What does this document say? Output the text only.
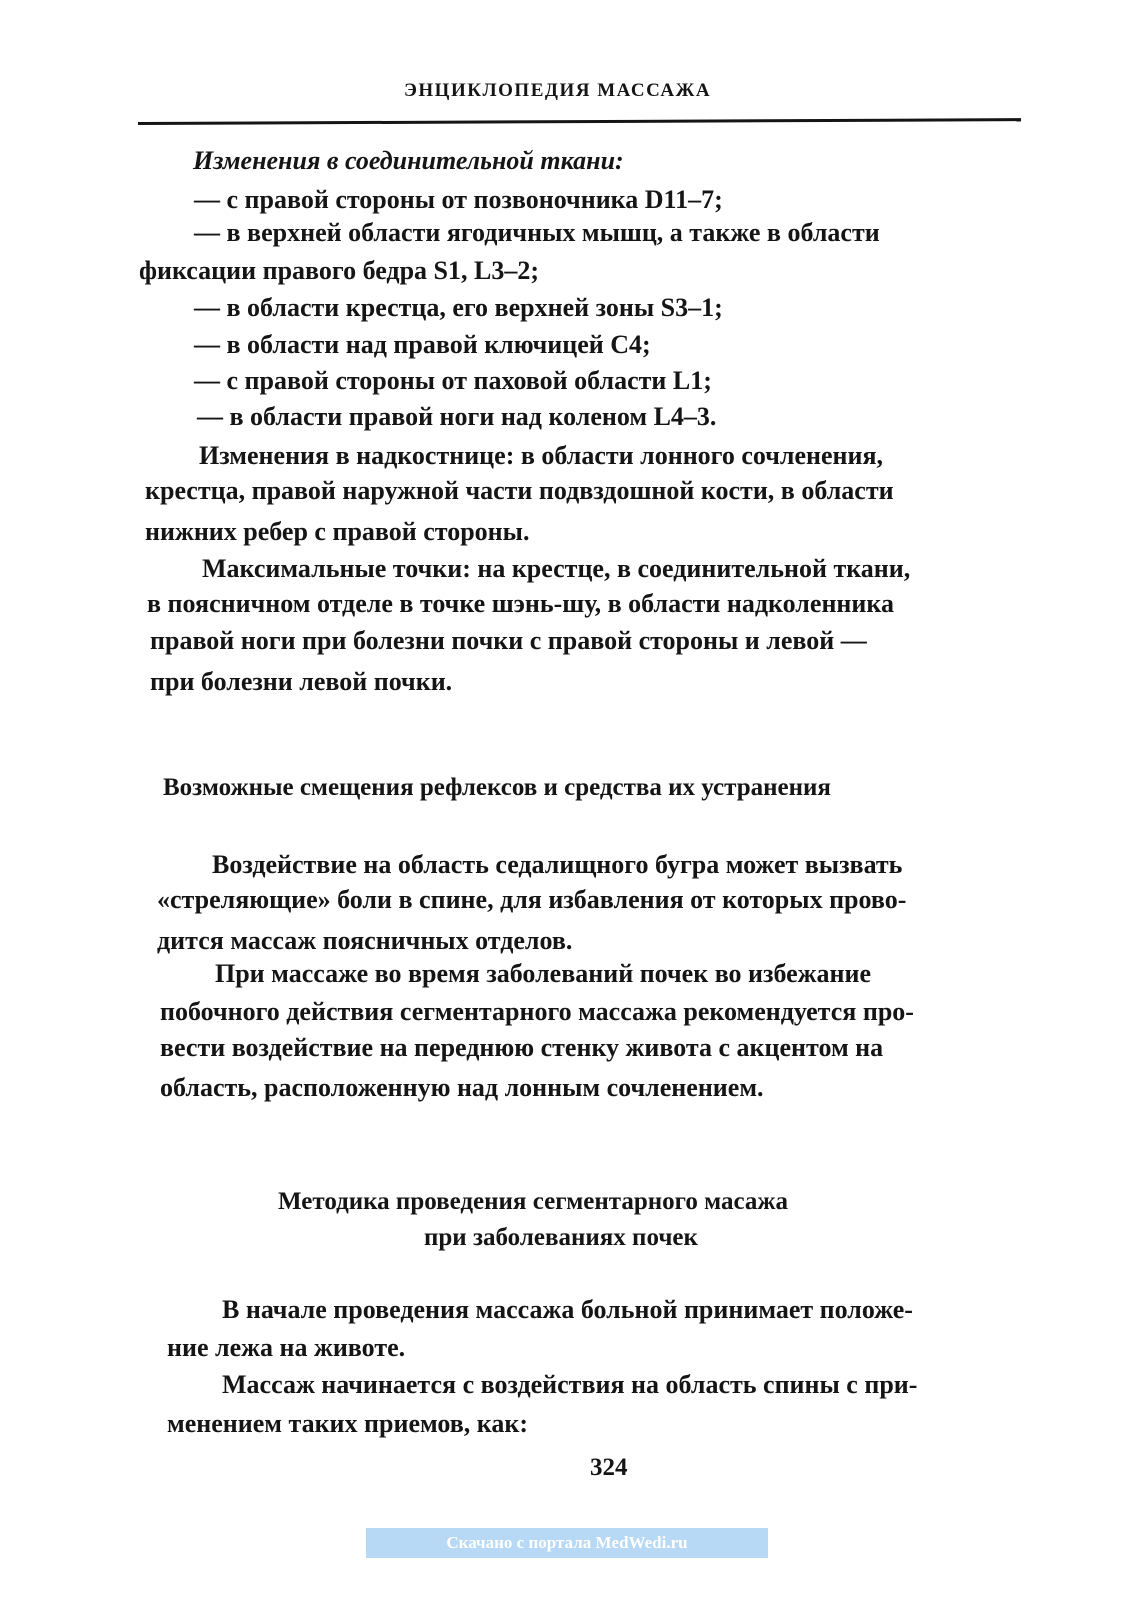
ЭНЦИКЛОПЕДИЯ МАССАЖА
Изменения в соединительной ткани:
— с правой стороны от позвоночника D11–7;
— в верхней области ягодичных мышц, а также в области
фиксации правого бедра S1, L3–2;
— в области крестца, его верхней зоны S3–1;
— в области над правой ключицей C4;
— с правой стороны от паховой области L1;
— в области правой ноги над коленом L4–3.
Изменения в надкостнице: в области лонного сочленения,
крестца, правой наружной части подвздошной кости, в области
нижних ребер с правой стороны.
Максимальные точки: на крестце, в соединительной ткани,
в поясничном отделе в точке шэнь-шу, в области надколенника
правой ноги при болезни почки с правой стороны и левой —
при болезни левой почки.
Возможные смещения рефлексов и средства их устранения
Воздействие на область седалищного бугра может вызвать
«стреляющие» боли в спине, для избавления от которых прово-
дится массаж поясничных отделов.
При массаже во время заболеваний почек во избежание
побочного действия сегментарного массажа рекомендуется про-
вести воздействие на переднюю стенку живота с акцентом на
область, расположенную над лонным сочленением.
Методика проведения сегментарного масажа
при заболеваниях почек
В начале проведения массажа больной принимает положе-
ние лежа на животе.
Массаж начинается с воздействия на область спины с при-
менением таких приемов, как:
324
Скачано с портала MedWedi.ru
